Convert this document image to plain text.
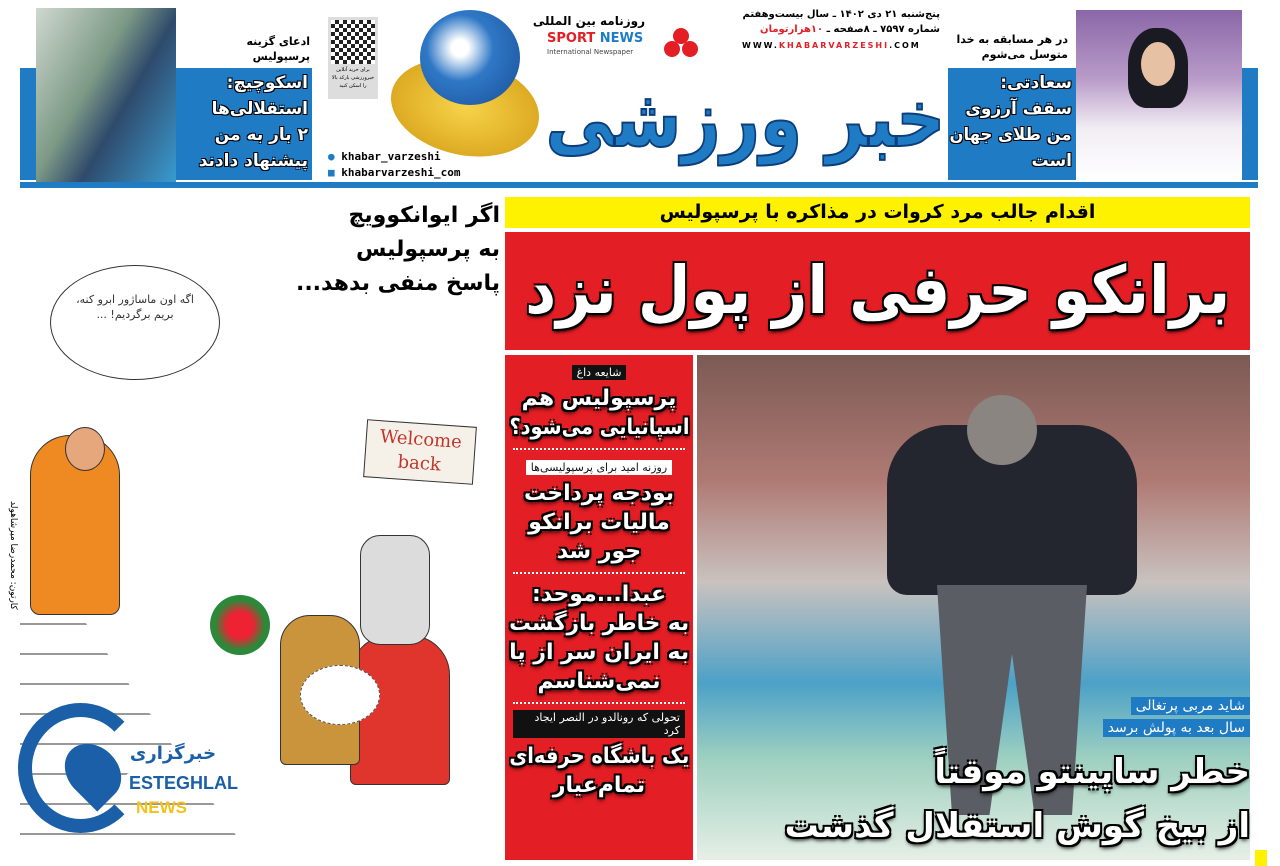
ادعای گزینه پرسپولیس
اسکوچیچ:
استقلالی‌ها
۲ بار به من
پیشنهاد دادند
برای خرید آنلاین خبرورزشی بارکد بالا را اسکن کنید
● khabar_varzeshi
■ khabarvarzeshi_com
روزنامه بین المللی
SPORT NEWS
International Newspaper
خبر ورزشی
پنج‌شنبه ۲۱ دی ۱۴۰۲ ـ سال بیست‌وهفتم
شماره ۷۵۹۷ ـ ۸صفحه ـ ۱۰هزارتومان
WWW.KHABARVARZESHI.COM	در هر مسابقه به خدا متوسل می‌شوم
سعادتی:
سقف آرزوی
من طلای جهان
است
اقدام جالب مرد کروات در مذاکره با پرسپولیس
برانکو حرفی از پول نزد
اگر ایوانکوویچ
به پرسپولیس
پاسخ منفی بدهد...
اگه اون ماساژور ابرو کنه، بریم برگردیم! ...
Welcome
back
کارتون: محمدرضا میرشاهولد
شایعه داغ
پرسپولیس هم
اسپانیایی می‌شود؟
روزنه امید برای پرسپولیسی‌ها
بودجه پرداخت
مالیات برانکو
جور شد
عبدا...موحد:
به خاطر بازگشت
به ایران سر از پا
نمی‌شناسم
تحولی که رونالدو در النصر ایجاد کرد
یک باشگاه حرفه‌ای
تمام‌عیار
شاید مربی پرتغالی
سال بعد به پولش برسد
خطر ساپینتو موقتاً
از بیخ گوش استقلال گذشت
خبرگزاری
ESTEGHLAL
NEWS
